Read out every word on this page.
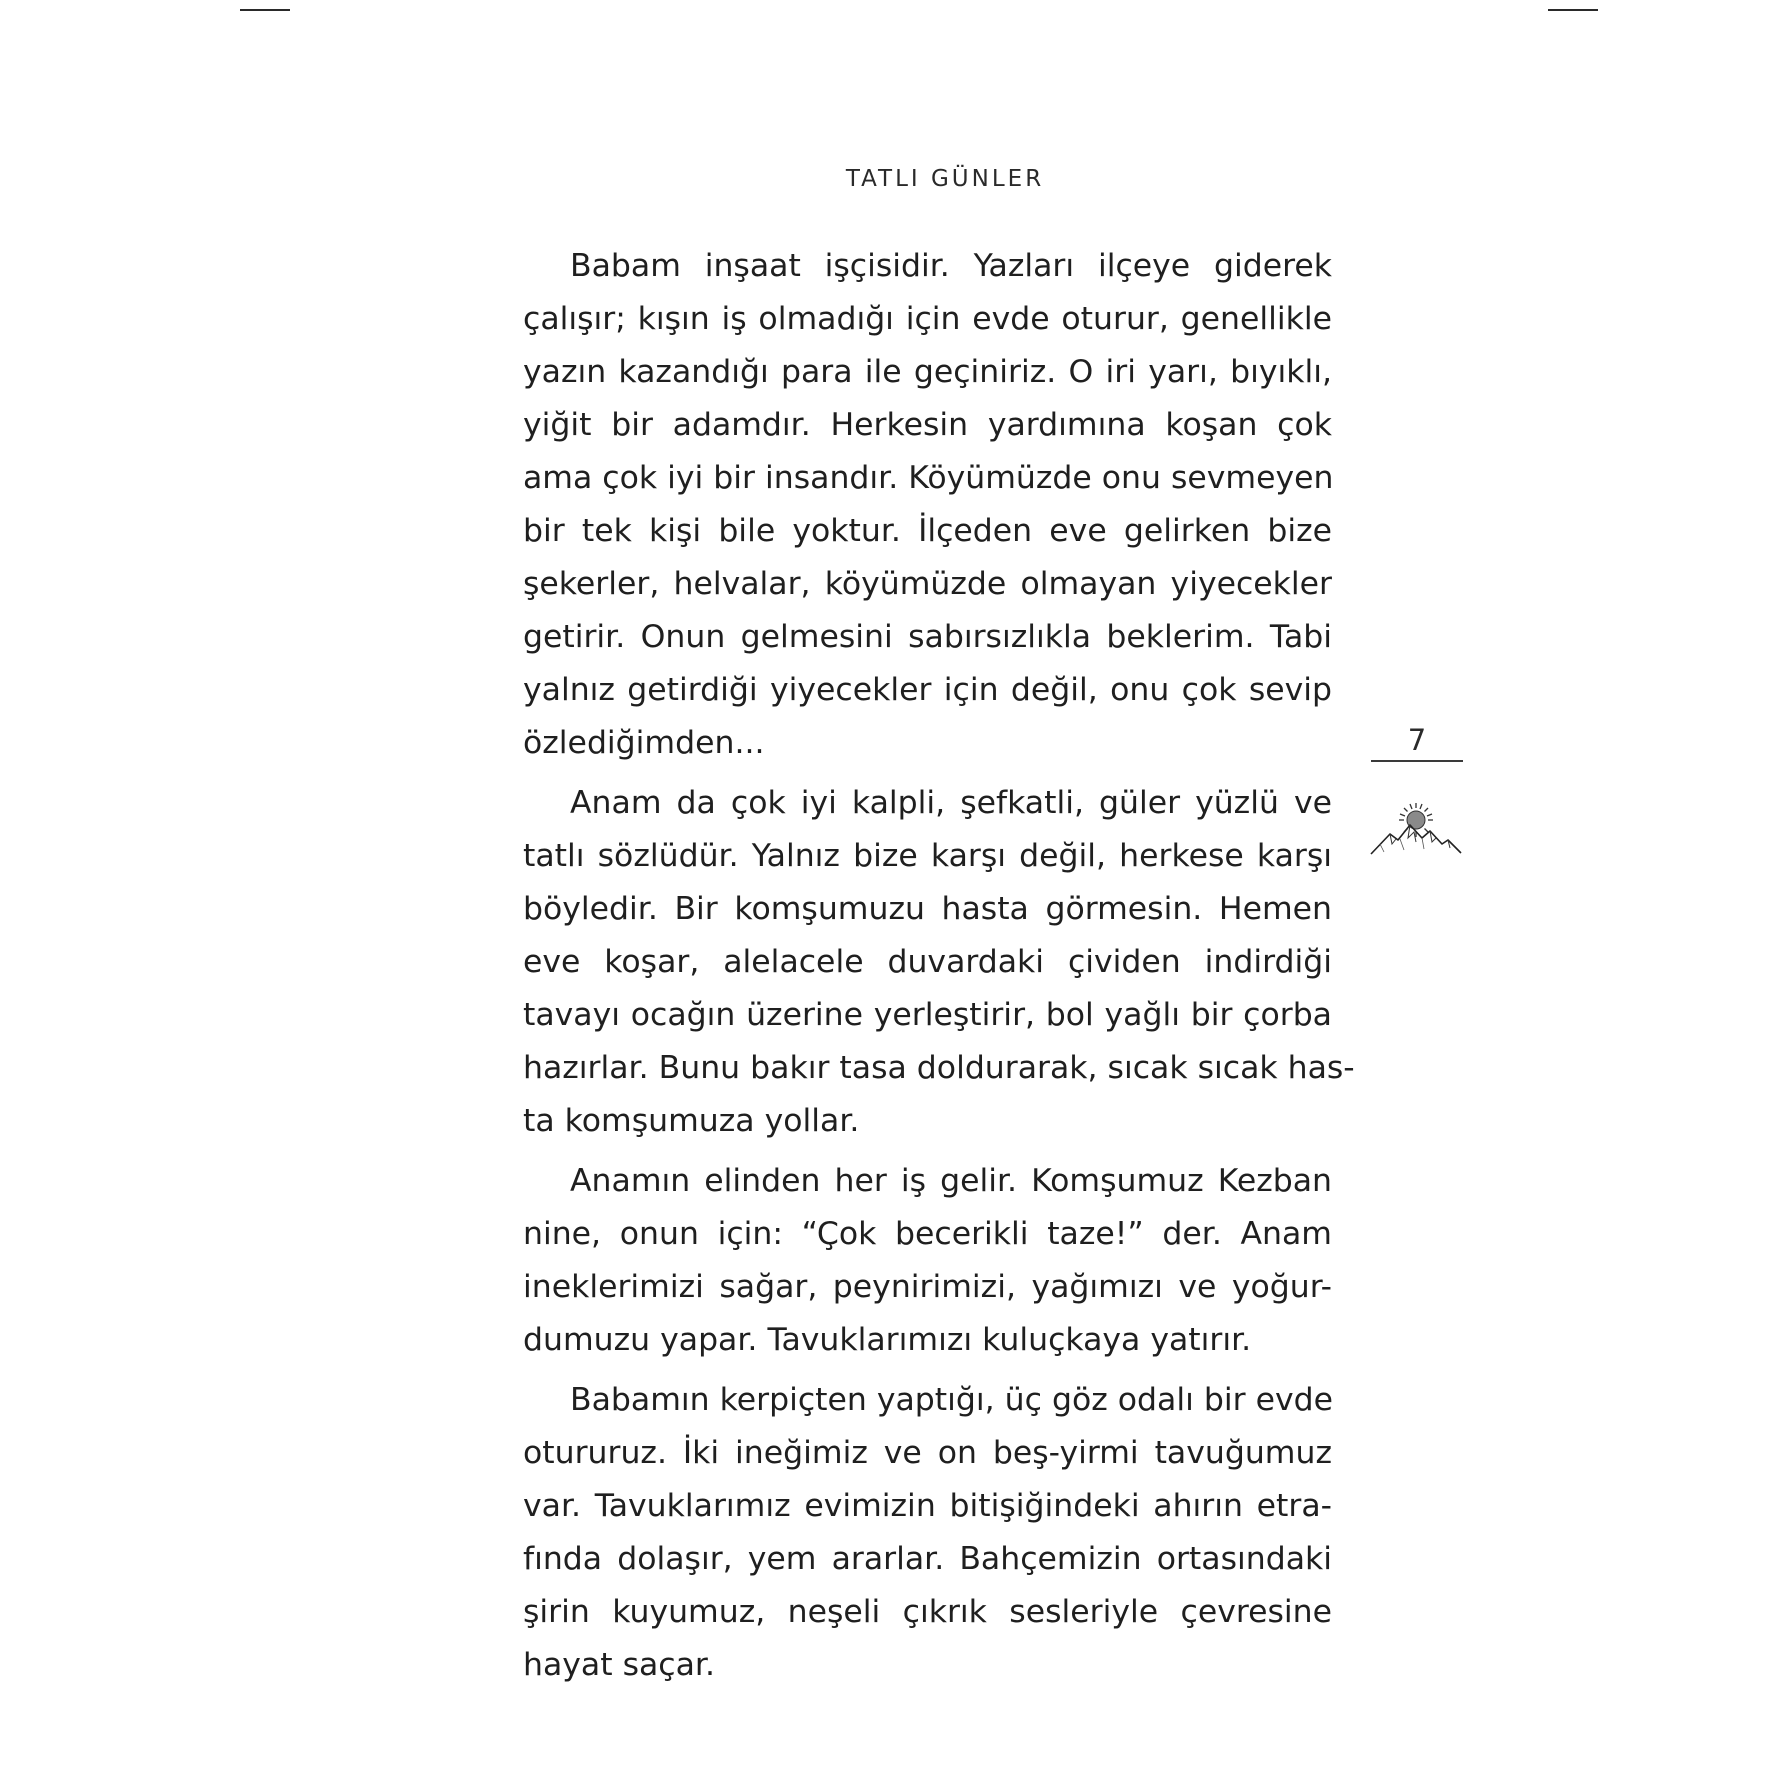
TATLI GÜNLER
Babam inşaat işçisidir. Yazları ilçeye giderek
çalışır; kışın iş olmadığı için evde oturur, genellikle
yazın kazandığı para ile geçiniriz. O iri yarı, bıyıklı,
yiğit bir adamdır. Herkesin yardımına koşan çok
ama çok iyi bir insandır. Köyümüzde onu sevmeyen
bir tek kişi bile yoktur. İlçeden eve gelirken bize
şekerler, helvalar, köyümüzde olmayan yiyecekler
getirir. Onun gelmesini sabırsızlıkla beklerim. Tabi
yalnız getirdiği yiyecekler için değil, onu çok sevip
özlediğimden...
Anam da çok iyi kalpli, şefkatli, güler yüzlü ve
tatlı sözlüdür. Yalnız bize karşı değil, herkese karşı
böyledir. Bir komşumuzu hasta görmesin. Hemen
eve koşar, alelacele duvardaki çividen indirdiği
tavayı ocağın üzerine yerleştirir, bol yağlı bir çorba
hazırlar. Bunu bakır tasa doldurarak, sıcak sıcak has-
ta komşumuza yollar.
Anamın elinden her iş gelir. Komşumuz Kezban
nine, onun için: “Çok becerikli taze!” der. Anam
ineklerimizi sağar, peynirimizi, yağımızı ve yoğur-
dumuzu yapar. Tavuklarımızı kuluçkaya yatırır.
Babamın kerpiçten yaptığı, üç göz odalı bir evde
otururuz. İki ineğimiz ve on beş-yirmi tavuğumuz
var. Tavuklarımız evimizin bitişiğindeki ahırın etra-
fında dolaşır, yem ararlar. Bahçemizin ortasındaki
şirin kuyumuz, neşeli çıkrık sesleriyle çevresine
hayat saçar.
7
